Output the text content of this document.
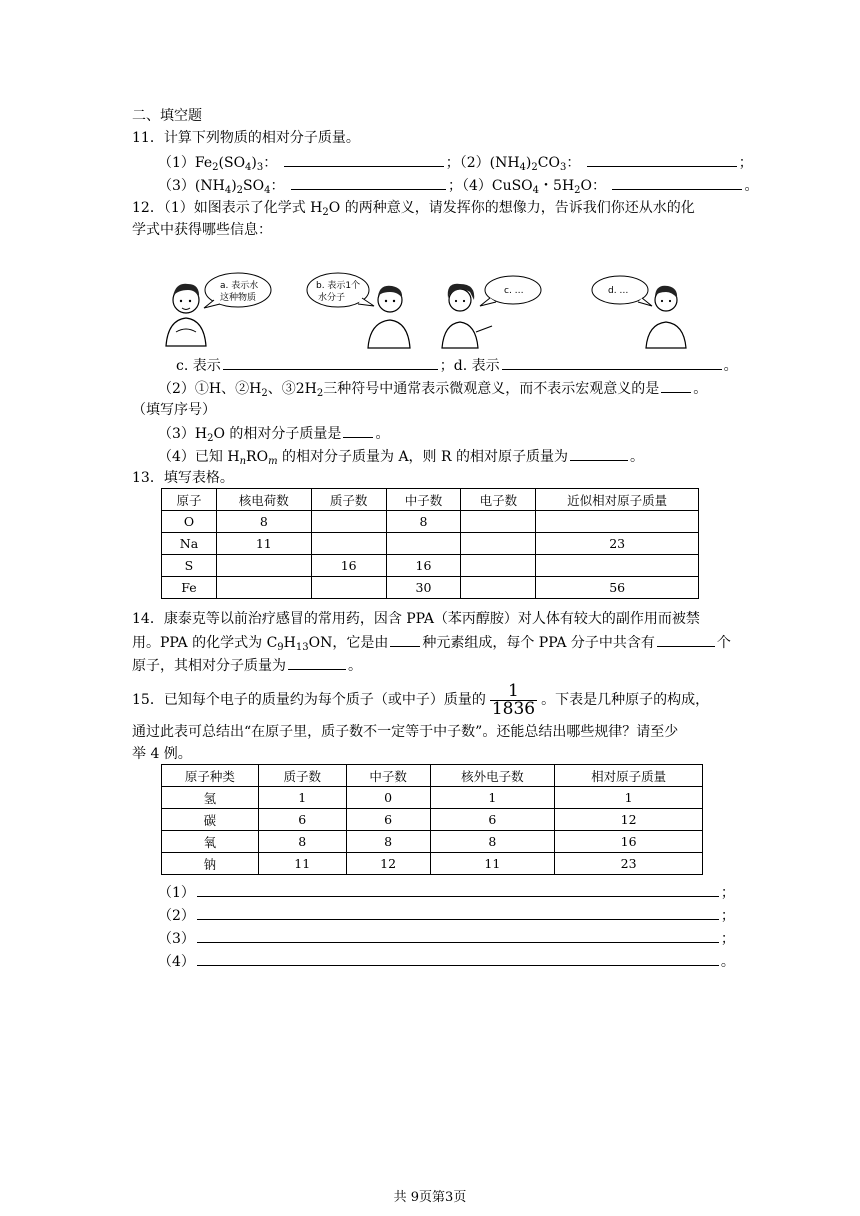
二、填空题
11．计算下列物质的相对分子质量。
$(1)Fe_2(SO_4)_3$：	；$(2)(NH_4)_2CO_3$：	；
$(3)(NH_4)_2SO_4$：	；（4）CuSO$_4$・$5H_2O$：	。
12．（1）如图表示了化学式 $H_2O$ 的两种意义，请发挥你的想像力，告诉我们你还从水的化
学式中获得哪些信息：
a. 表示水
这种物质
b. 表示1个
水分子
c. …	d. …
c. 表示	；d. 表示	。
（2）①H、$②H_2$、$③2H_2$三种符号中通常表示微观意义，而不表示宏观意义的是 。
（填写序号）
$(3)H_2O$ 的相对分子质量是 。
（4）已知 $H_nRO_m$ 的相对分子质量为 A，则 R 的相对原子质量为	。
13．填写表格。
原子	核电荷数	质子数	中子数	电子数	近似相对原子质量
O	8		8		
Na	11				23
S		16	16		
Fe			30		56
14．康泰克等以前治疗感冒的常用药，因含 PPA（苯丙醇胺）对人体有较大的副作用而被禁
用。PPA 的化学式为 $C_9H_{13}ON$，它是由 种元素组成，每个 PPA 分子中共含有	个
原子，其相对分子质量为	。
15．已知每个电子的质量约为每个质子（或中子）质量的 $\frac{1}{1836}$ 。下表是几种原子的构成，
通过此表可总结出“在原子里，质子数不一定等于中子数”。还能总结出哪些规律？请至少
举 4 例。
原子种类	质子数	中子数	核外电子数	相对原子质量
氢	1	0	1	1
碳	6	6	6	12
氧	8	8	8	16
钠	11	12	11	23
（1）	；
（2）	；
（3）	；
（4）	。
共 9页第3页
